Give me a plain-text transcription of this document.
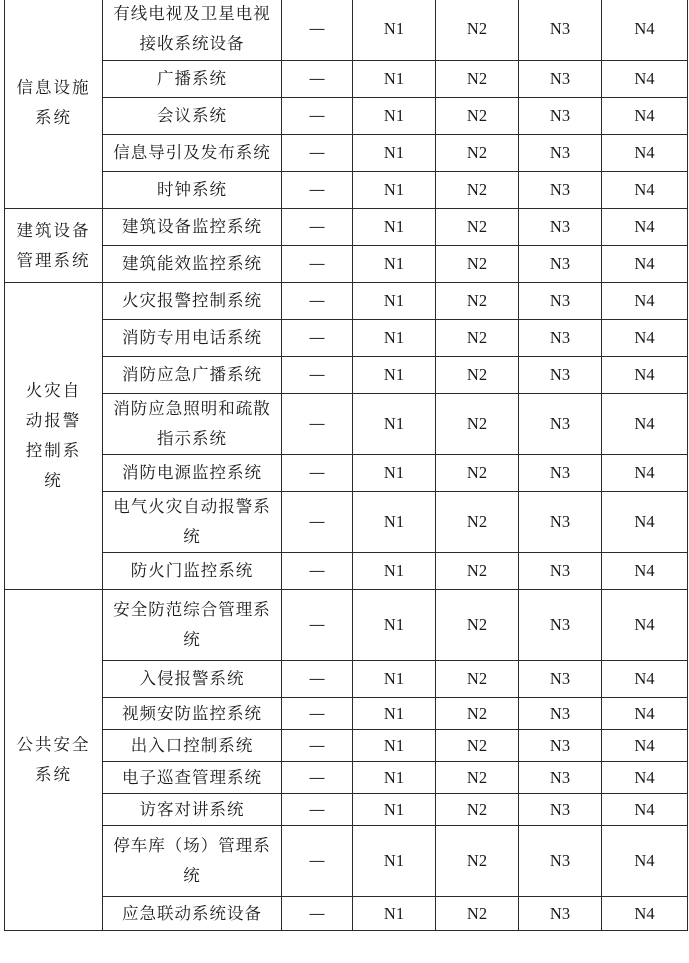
信息设施系统	有线电视及卫星电视接收系统设备	—	N1	N2	N3	N4
	广播系统	—	N1	N2	N3	N4
	会议系统	—	N1	N2	N3	N4
	信息导引及发布系统	—	N1	N2	N3	N4
	时钟系统	—	N1	N2	N3	N4
建筑设备管理系统	建筑设备监控系统	—	N1	N2	N3	N4
	建筑能效监控系统	—	N1	N2	N3	N4
火灾自动报警控制系统	火灾报警控制系统	—	N1	N2	N3	N4
	消防专用电话系统	—	N1	N2	N3	N4
	消防应急广播系统	—	N1	N2	N3	N4
	消防应急照明和疏散指示系统	—	N1	N2	N3	N4
	消防电源监控系统	—	N1	N2	N3	N4
	电气火灾自动报警系统	—	N1	N2	N3	N4
	防火门监控系统	—	N1	N2	N3	N4
公共安全系统	安全防范综合管理系统	—	N1	N2	N3	N4
	入侵报警系统	—	N1	N2	N3	N4
	视频安防监控系统	—	N1	N2	N3	N4
	出入口控制系统	—	N1	N2	N3	N4
	电子巡查管理系统	—	N1	N2	N3	N4
	访客对讲系统	—	N1	N2	N3	N4
	停车库（场）管理系统	—	N1	N2	N3	N4
	应急联动系统设备	—	N1	N2	N3	N4
